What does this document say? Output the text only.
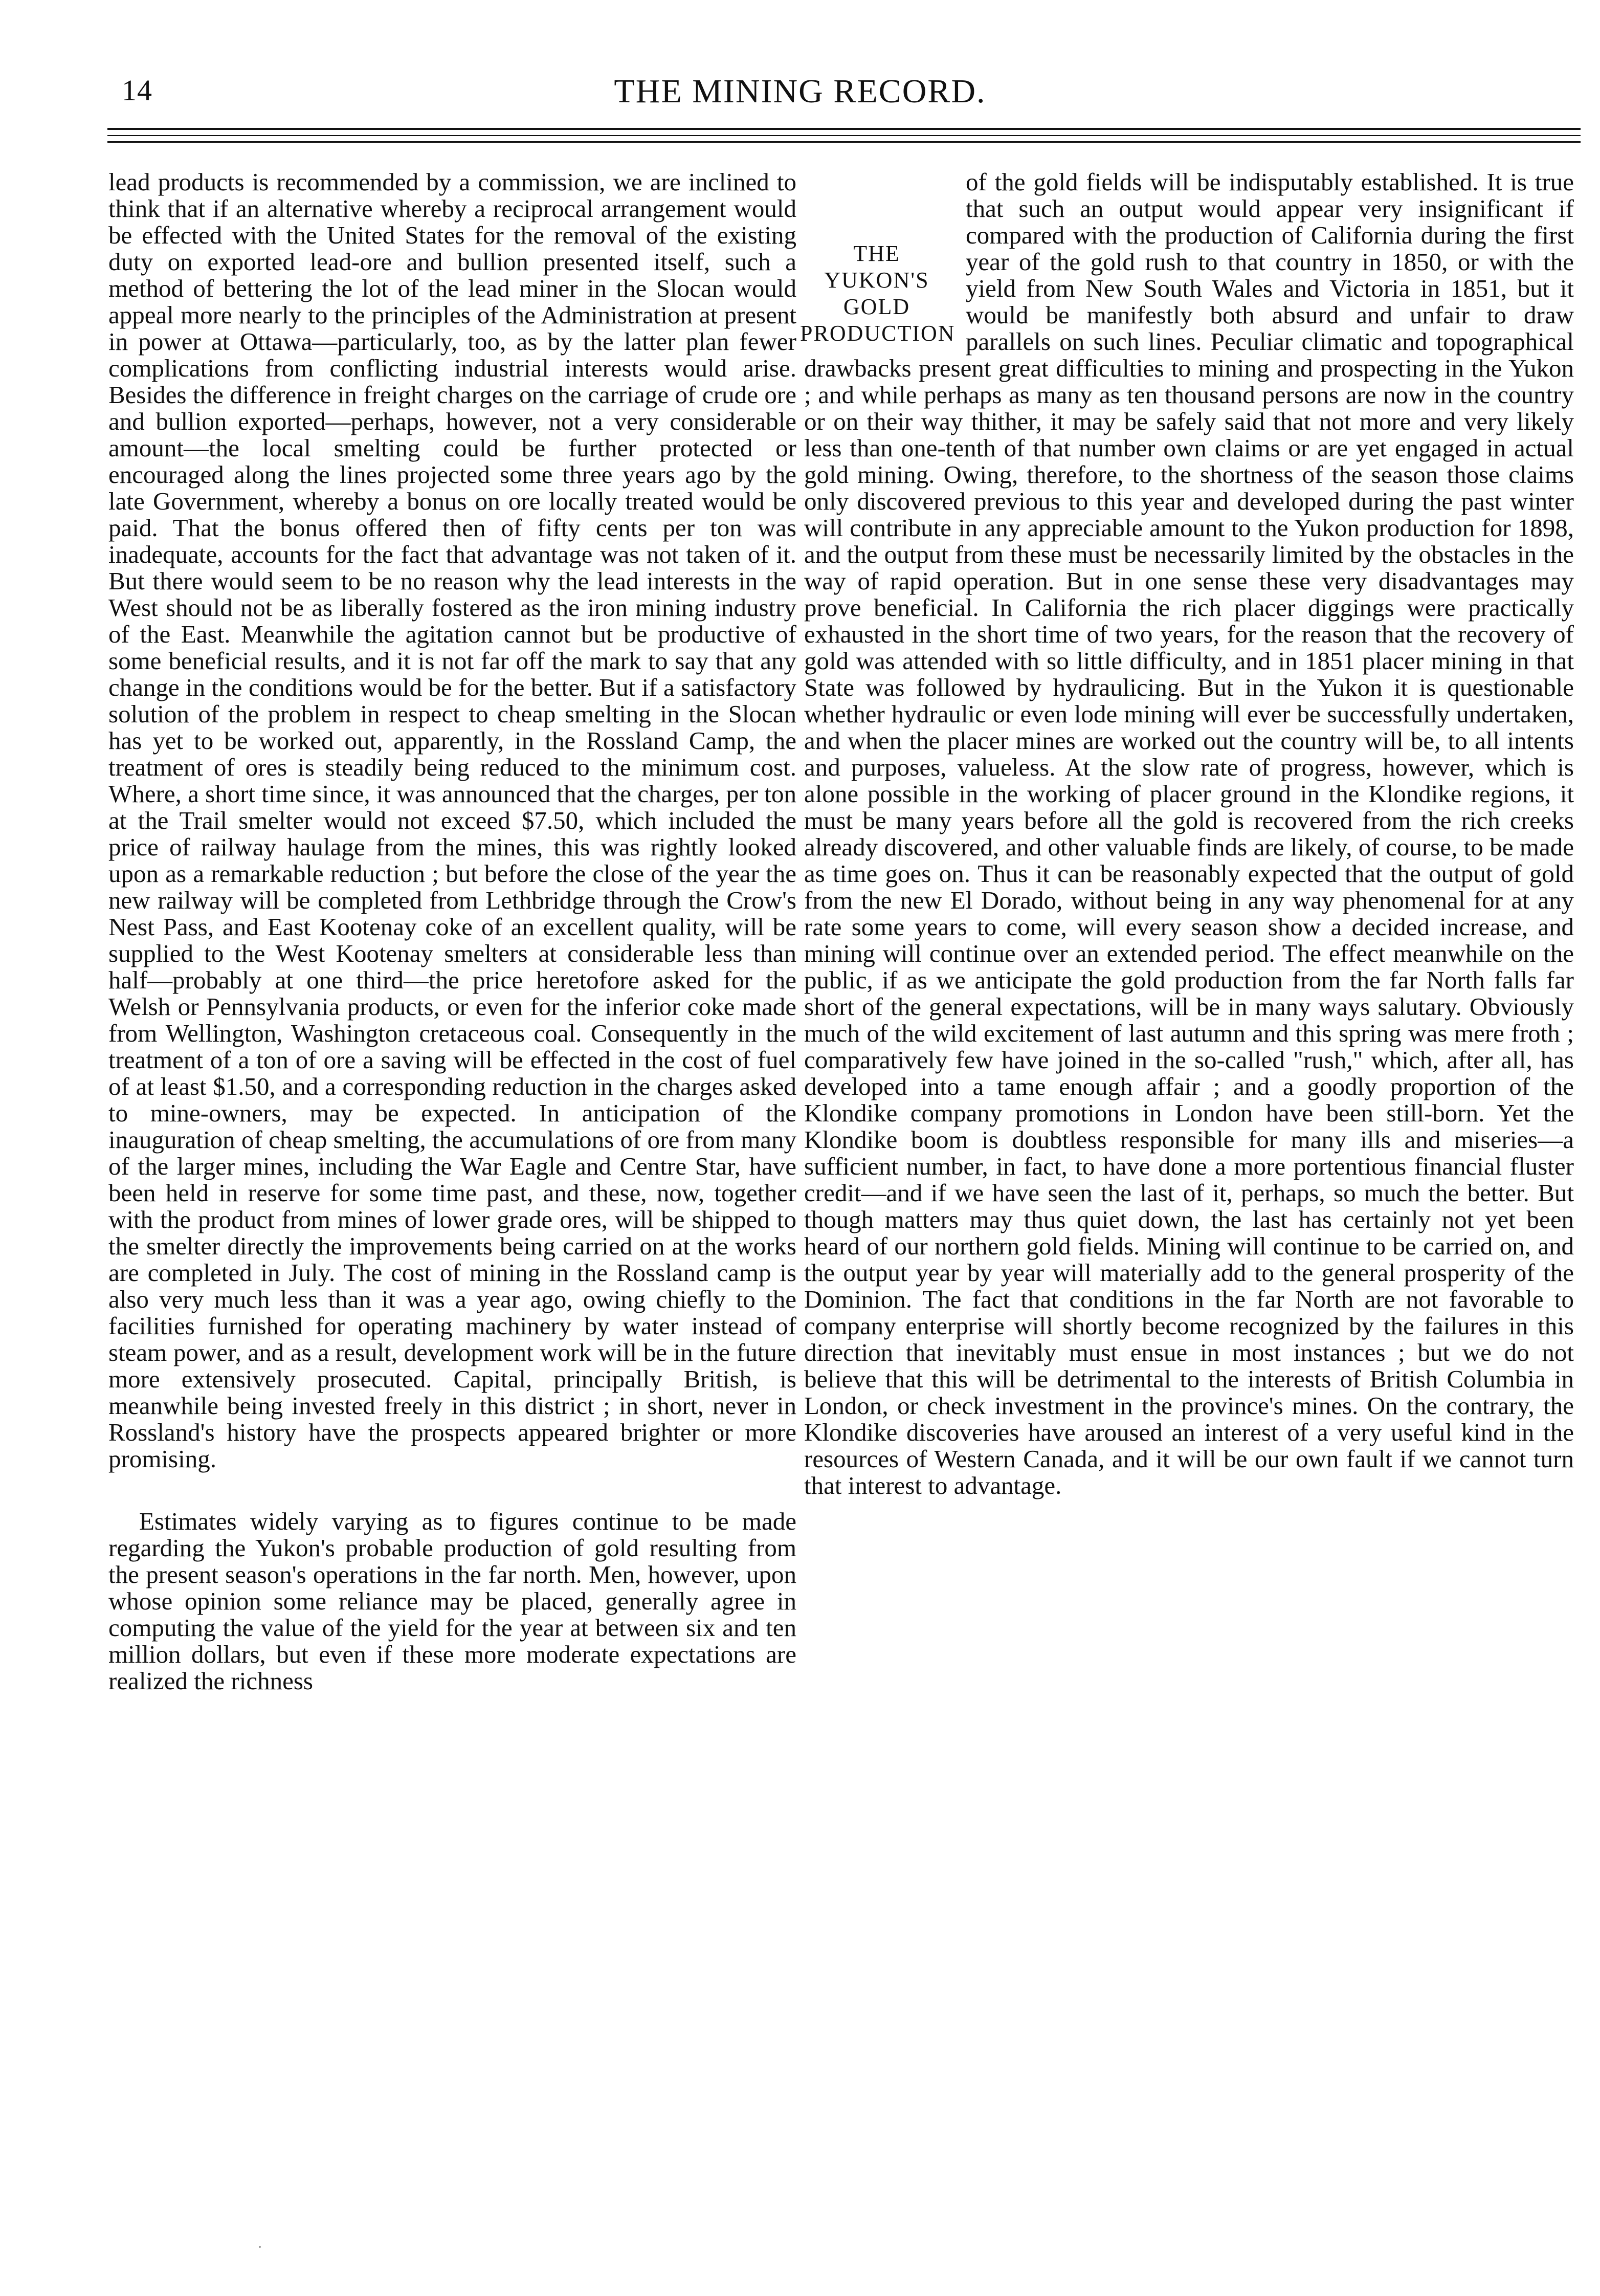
14	THE MINING RECORD.

lead products is recommended by a commission, we are inclined to think that if an alternative whereby a reciprocal arrangement would be effected with the United States for the removal of the existing duty on exported lead-ore and bullion presented itself, such a method of bettering the lot of the lead miner in the Slocan would appeal more nearly to the principles of the Administration at present in power at Ottawa—particularly, too, as by the latter plan fewer complications from conflicting industrial interests would arise. Besides the difference in freight charges on the carriage of crude ore and bullion exported—perhaps, however, not a very considerable amount—the local smelting could be further protected or encouraged along the lines projected some three years ago by the late Government, whereby a bonus on ore locally treated would be paid. That the bonus offered then of fifty cents per ton was inadequate, accounts for the fact that advantage was not taken of it. But there would seem to be no reason why the lead interests in the West should not be as liberally fostered as the iron mining industry of the East. Meanwhile the agitation cannot but be productive of some beneficial results, and it is not far off the mark to say that any change in the conditions would be for the better. But if a satisfactory solution of the problem in respect to cheap smelting in the Slocan has yet to be worked out, apparently, in the Rossland Camp, the treatment of ores is steadily being reduced to the minimum cost. Where, a short time since, it was announced that the charges, per ton at the Trail smelter would not exceed $7.50, which included the price of railway haulage from the mines, this was rightly looked upon as a remarkable reduction ; but before the close of the year the new railway will be completed from Lethbridge through the Crow's Nest Pass, and East Kootenay coke of an excellent quality, will be supplied to the West Kootenay smelters at considerable less than half—probably at one third—the price heretofore asked for the Welsh or Pennsylvania products, or even for the inferior coke made from Wellington, Washington cretaceous coal. Consequently in the treatment of a ton of ore a saving will be effected in the cost of fuel of at least $1.50, and a corresponding reduction in the charges asked to mine-owners, may be expected. In anticipation of the inauguration of cheap smelting, the accumulations of ore from many of the larger mines, including the War Eagle and Centre Star, have been held in reserve for some time past, and these, now, together with the product from mines of lower grade ores, will be shipped to the smelter directly the improvements being carried on at the works are completed in July. The cost of mining in the Rossland camp is also very much less than it was a year ago, owing chiefly to the facilities furnished for operating machinery by water instead of steam power, and as a result, development work will be in the future more extensively prosecuted. Capital, principally British, is meanwhile being invested freely in this district ; in short, never in Rossland's history have the prospects appeared brighter or more promising.

Estimates widely varying as to figures continue to be made regarding the Yukon's probable production of gold resulting from the present season's operations in the far north. Men, however, upon whose opinion some reliance may be placed, generally agree in computing the value of the yield for the year at between six and ten million dollars, but even if these more moderate expectations are realized the richness

THE
YUKON'S
GOLD
PRODUCTION

of the gold fields will be indisputably established. It is true that such an output would appear very insignificant if compared with the production of California during the first year of the gold rush to that country in 1850, or with the yield from New South Wales and Victoria in 1851, but it would be manifestly both absurd and unfair to draw parallels on such lines. Peculiar climatic and topographical drawbacks present great difficulties to mining and prospecting in the Yukon ; and while perhaps as many as ten thousand persons are now in the country or on their way thither, it may be safely said that not more and very likely less than one-tenth of that number own claims or are yet engaged in actual gold mining. Owing, therefore, to the shortness of the season those claims only discovered previous to this year and developed during the past winter will contribute in any appreciable amount to the Yukon production for 1898, and the output from these must be necessarily limited by the obstacles in the way of rapid operation. But in one sense these very disadvantages may prove beneficial. In California the rich placer diggings were practically exhausted in the short time of two years, for the reason that the recovery of gold was attended with so little difficulty, and in 1851 placer mining in that State was followed by hydraulicing. But in the Yukon it is questionable whether hydraulic or even lode mining will ever be successfully undertaken, and when the placer mines are worked out the country will be, to all intents and purposes, valueless. At the slow rate of progress, however, which is alone possible in the working of placer ground in the Klondike regions, it must be many years before all the gold is recovered from the rich creeks already discovered, and other valuable finds are likely, of course, to be made as time goes on. Thus it can be reasonably expected that the output of gold from the new El Dorado, without being in any way phenomenal for at any rate some years to come, will every season show a decided increase, and mining will continue over an extended period. The effect meanwhile on the public, if as we anticipate the gold production from the far North falls far short of the general expectations, will be in many ways salutary. Obviously much of the wild excitement of last autumn and this spring was mere froth ; comparatively few have joined in the so-called "rush," which, after all, has developed into a tame enough affair ; and a goodly proportion of the Klondike company promotions in London have been still-born. Yet the Klondike boom is doubtless responsible for many ills and miseries—a sufficient number, in fact, to have done a more portentious financial fluster credit—and if we have seen the last of it, perhaps, so much the better. But though matters may thus quiet down, the last has certainly not yet been heard of our northern gold fields. Mining will continue to be carried on, and the output year by year will materially add to the general prosperity of the Dominion. The fact that conditions in the far North are not favorable to company enterprise will shortly become recognized by the failures in this direction that inevitably must ensue in most instances ; but we do not believe that this will be detrimental to the interests of British Columbia in London, or check investment in the province's mines. On the contrary, the Klondike discoveries have aroused an interest of a very useful kind in the resources of Western Canada, and it will be our own fault if we cannot turn that interest to advantage.
